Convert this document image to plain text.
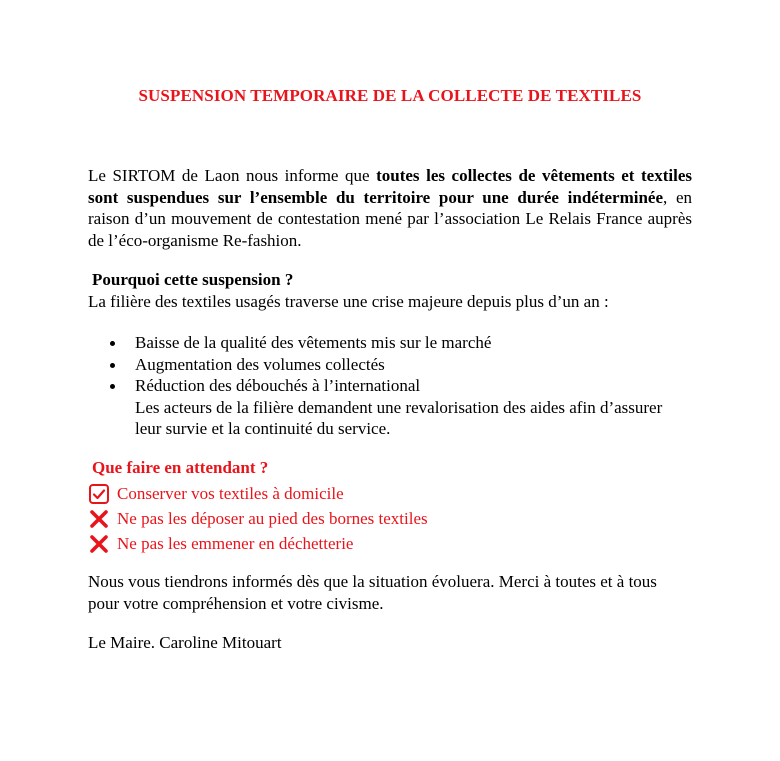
SUSPENSION TEMPORAIRE DE LA COLLECTE DE TEXTILES

Le SIRTOM de Laon nous informe que toutes les collectes de vêtements et textiles sont suspendues sur l’ensemble du territoire pour une durée indéterminée, en raison d’un mouvement de contestation mené par l’association Le Relais France auprès de l’éco-organisme Re-fashion.

Pourquoi cette suspension ?

La filière des textiles usagés traverse une crise majeure depuis plus d’un an :

Baisse de la qualité des vêtements mis sur le marché
Augmentation des volumes collectés
Réduction des débouchés à l’international
Les acteurs de la filière demandent une revalorisation des aides afin d’assurer leur survie et la continuité du service.

Que faire en attendant ?

Conserver vos textiles à domicile
Ne pas les déposer au pied des bornes textiles
Ne pas les emmener en déchetterie

Nous vous tiendrons informés dès que la situation évoluera. Merci à toutes et à tous pour votre compréhension et votre civisme.

Le Maire. Caroline Mitouart
